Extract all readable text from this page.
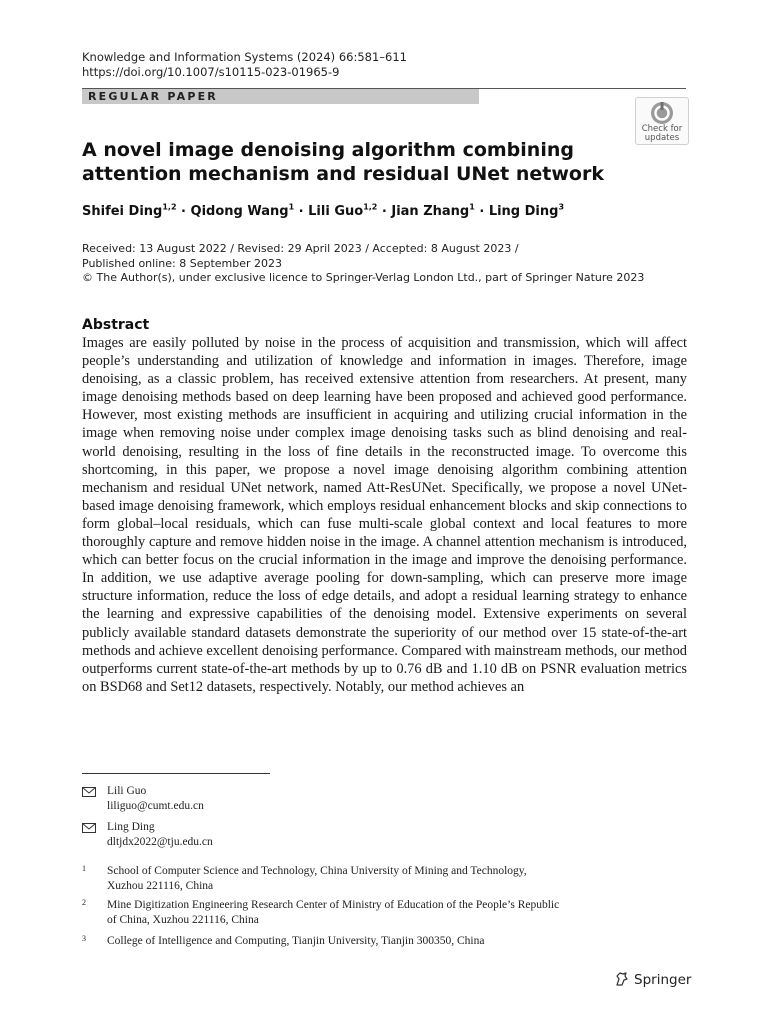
Knowledge and Information Systems (2024) 66:581–611
https://doi.org/10.1007/s10115-023-01965-9
REGULAR PAPER
Check for
updates
A novel image denoising algorithm combining attention mechanism and residual UNet network
Shifei Ding$^{1,2}$ · Qidong Wang$^1$ · Lili Guo$^{1,2}$ · Jian Zhang$^1$ · Ling Ding$^3$
Received: 13 August 2022 / Revised: 29 April 2023 / Accepted: 8 August 2023 /
Published online: 8 September 2023
© The Author(s), under exclusive licence to Springer-Verlag London Ltd., part of Springer Nature 2023
Abstract
Images are easily polluted by noise in the process of acquisition and transmission, which will affect people’s understanding and utilization of knowledge and information in images. Therefore, image denoising, as a classic problem, has received extensive attention from researchers. At present, many image denoising methods based on deep learning have been proposed and achieved good performance. However, most existing methods are insufficient in acquiring and utilizing crucial information in the image when removing noise under complex image denoising tasks such as blind denoising and real-world denoising, resulting in the loss of fine details in the reconstructed image. To overcome this shortcoming, in this paper, we propose a novel image denoising algorithm combining attention mechanism and residual UNet network, named Att-ResUNet. Specifically, we propose a novel UNet-based image denoising framework, which employs residual enhancement blocks and skip connections to form global–local residuals, which can fuse multi-scale global context and local features to more thoroughly capture and remove hidden noise in the image. A channel attention mechanism is introduced, which can better focus on the crucial information in the image and improve the denoising performance. In addition, we use adaptive average pooling for down-sampling, which can preserve more image structure information, reduce the loss of edge details, and adopt a residual learning strategy to enhance the learning and expressive capabilities of the denoising model. Extensive experiments on several publicly available standard datasets demonstrate the superiority of our method over 15 state-of-the-art methods and achieve excellent denoising performance. Compared with mainstream methods, our method outperforms current state-of-the-art methods by up to 0.76 dB and 1.10 dB on PSNR evaluation metrics on BSD68 and Set12 datasets, respectively. Notably, our method achieves an
Lili Guo
liliguo@cumt.edu.cn
Ling Ding
dltjdx2022@tju.edu.cn
1 School of Computer Science and Technology, China University of Mining and Technology,
Xuzhou 221116, China
2 Mine Digitization Engineering Research Center of Ministry of Education of the People’s Republic
of China, Xuzhou 221116, China
3 College of Intelligence and Computing, Tianjin University, Tianjin 300350, China
Springer
